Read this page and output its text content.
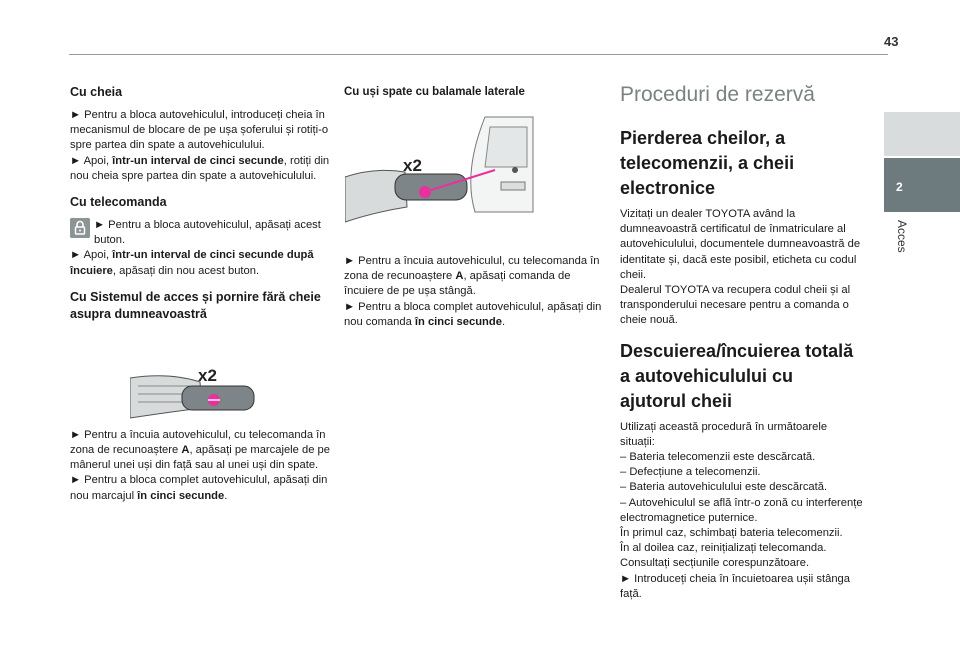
43
2
Acces
Cu cheia

► Pentru a bloca autovehiculul, introduceți cheia în mecanismul de blocare de pe ușa șoferului și rotiți-o spre partea din spate a autovehiculului.

► Apoi, într-un interval de cinci secunde, rotiți din nou cheia spre partea din spate a autovehiculului.

Cu telecomanda

► Pentru a bloca autovehiculul, apăsați acest buton.

► Apoi, într-un interval de cinci secunde după încuiere, apăsați din nou acest buton.

Cu Sistemul de acces și pornire fără cheie asupra dumneavoastră

► Pentru a încuia autovehiculul, cu telecomanda în zona de recunoaștere A, apăsați pe marcajele de pe mânerul unei uși din față sau al unei uși din spate.

► Pentru a bloca complet autovehiculul, apăsați din nou marcajul în cinci secunde.

x2
Cu uși spate cu balamale laterale

► Pentru a încuia autovehiculul, cu telecomanda în zona de recunoaștere A, apăsați comanda de încuiere de pe ușa stângă.

► Pentru a bloca complet autovehiculul, apăsați din nou comanda în cinci secunde.

x2
Proceduri de rezervă
Pierderea cheilor, a telecomenzii, a cheii electronice

Vizitați un dealer TOYOTA având la dumneavoastră certificatul de înmatriculare al autovehiculului, documentele dumneavoastră de identitate și, dacă este posibil, eticheta cu codul cheii.

Dealerul TOYOTA va recupera codul cheii și al transponderului necesare pentru a comanda o cheie nouă.

Descuierea/încuierea totală a autovehiculului cu ajutorul cheii

Utilizați această procedură în următoarele situații:

– Bateria telecomenzii este descărcată.

– Defecțiune a telecomenzii.

– Bateria autovehiculului este descărcată.

– Autovehiculul se află într-o zonă cu interferențe electromagnetice puternice.

În primul caz, schimbați bateria telecomenzii.

În al doilea caz, reinițializați telecomanda.

Consultați secțiunile corespunzătoare.

► Introduceți cheia în încuietoarea ușii stânga față.
